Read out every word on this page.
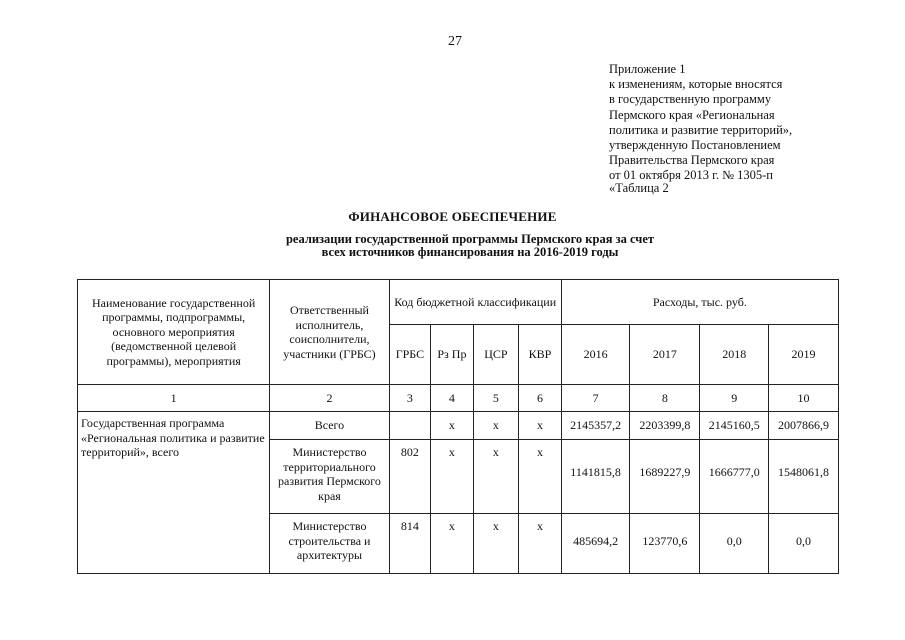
27
Приложение 1
к изменениям, которые вносятся
в государственную программу
Пермского края «Региональная
политика и развитие территорий»,
утвержденную Постановлением
Правительства Пермского края
от 01 октября 2013 г. № 1305-п
«Таблица 2
ФИНАНСОВОЕ ОБЕСПЕЧЕНИЕ
реализации государственной программы Пермского края за счет
всех источников финансирования на 2016-2019 годы
Наименование государственной программы, подпрограммы, основного мероприятия (ведомственной целевой программы), мероприятия	Ответственный исполнитель, соисполнители, участники (ГРБС)	Код бюджетной классификации				Расходы, тыс. руб.			
		ГРБС	Рз Пр	ЦСР	КВР	2016	2017	2018	2019
1	2	3	4	5	6	7	8	9	10
Государственная программа «Региональная политика и развитие территорий», всего	Всего		x	x	x	2145357,2	2203399,8	2145160,5	2007866,9
	Министерство территориального развития Пермского края	802	x	x	x	1141815,8	1689227,9	1666777,0	1548061,8
	Министерство строительства и архитектуры	814	x	x	x	485694,2	123770,6	0,0	0,0
